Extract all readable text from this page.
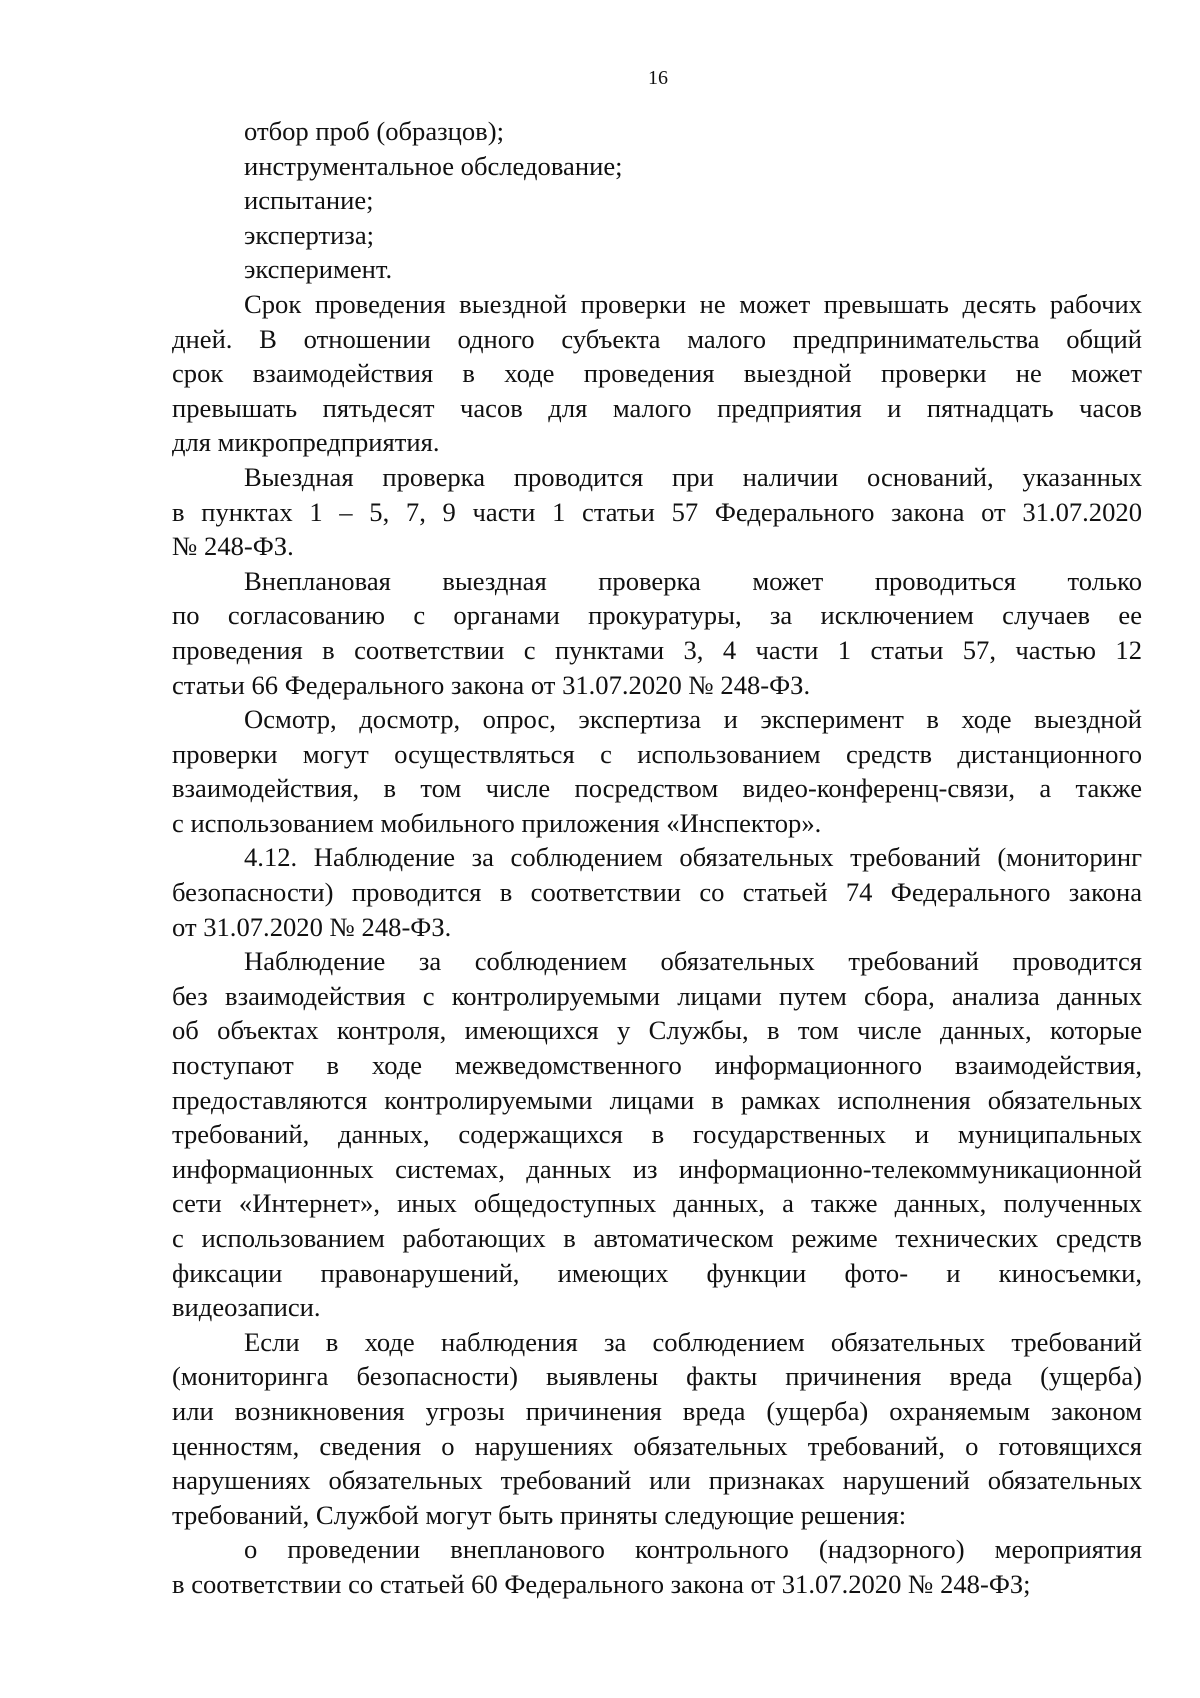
16
отбор проб (образцов);
инструментальное обследование;
испытание;
экспертиза;
эксперимент.
Срок проведения выездной проверки не может превышать десять рабочих
дней. В отношении одного субъекта малого предпринимательства общий
срок взаимодействия в ходе проведения выездной проверки не может
превышать пятьдесят часов для малого предприятия и пятнадцать часов
для микропредприятия.
Выездная проверка проводится при наличии оснований, указанных
в пунктах 1 – 5, 7, 9 части 1 статьи 57 Федерального закона от 31.07.2020
№ 248-ФЗ.
Внеплановая выездная проверка может проводиться только
по согласованию с органами прокуратуры, за исключением случаев ее
проведения в соответствии с пунктами 3, 4 части 1 статьи 57, частью 12
статьи 66 Федерального закона от 31.07.2020 № 248-ФЗ.
Осмотр, досмотр, опрос, экспертиза и эксперимент в ходе выездной
проверки могут осуществляться с использованием средств дистанционного
взаимодействия, в том числе посредством видео-конференц-связи, а также
с использованием мобильного приложения «Инспектор».
4.12. Наблюдение за соблюдением обязательных требований (мониторинг
безопасности) проводится в соответствии со статьей 74 Федерального закона
от 31.07.2020 № 248-ФЗ.
Наблюдение за соблюдением обязательных требований проводится
без взаимодействия с контролируемыми лицами путем сбора, анализа данных
об объектах контроля, имеющихся у Службы, в том числе данных, которые
поступают в ходе межведомственного информационного взаимодействия,
предоставляются контролируемыми лицами в рамках исполнения обязательных
требований, данных, содержащихся в государственных и муниципальных
информационных системах, данных из информационно-телекоммуникационной
сети «Интернет», иных общедоступных данных, а также данных, полученных
с использованием работающих в автоматическом режиме технических средств
фиксации правонарушений, имеющих функции фото- и киносъемки,
видеозаписи.
Если в ходе наблюдения за соблюдением обязательных требований
(мониторинга безопасности) выявлены факты причинения вреда (ущерба)
или возникновения угрозы причинения вреда (ущерба) охраняемым законом
ценностям, сведения о нарушениях обязательных требований, о готовящихся
нарушениях обязательных требований или признаках нарушений обязательных
требований, Службой могут быть приняты следующие решения:
о проведении внепланового контрольного (надзорного) мероприятия
в соответствии со статьей 60 Федерального закона от 31.07.2020 № 248-ФЗ;
